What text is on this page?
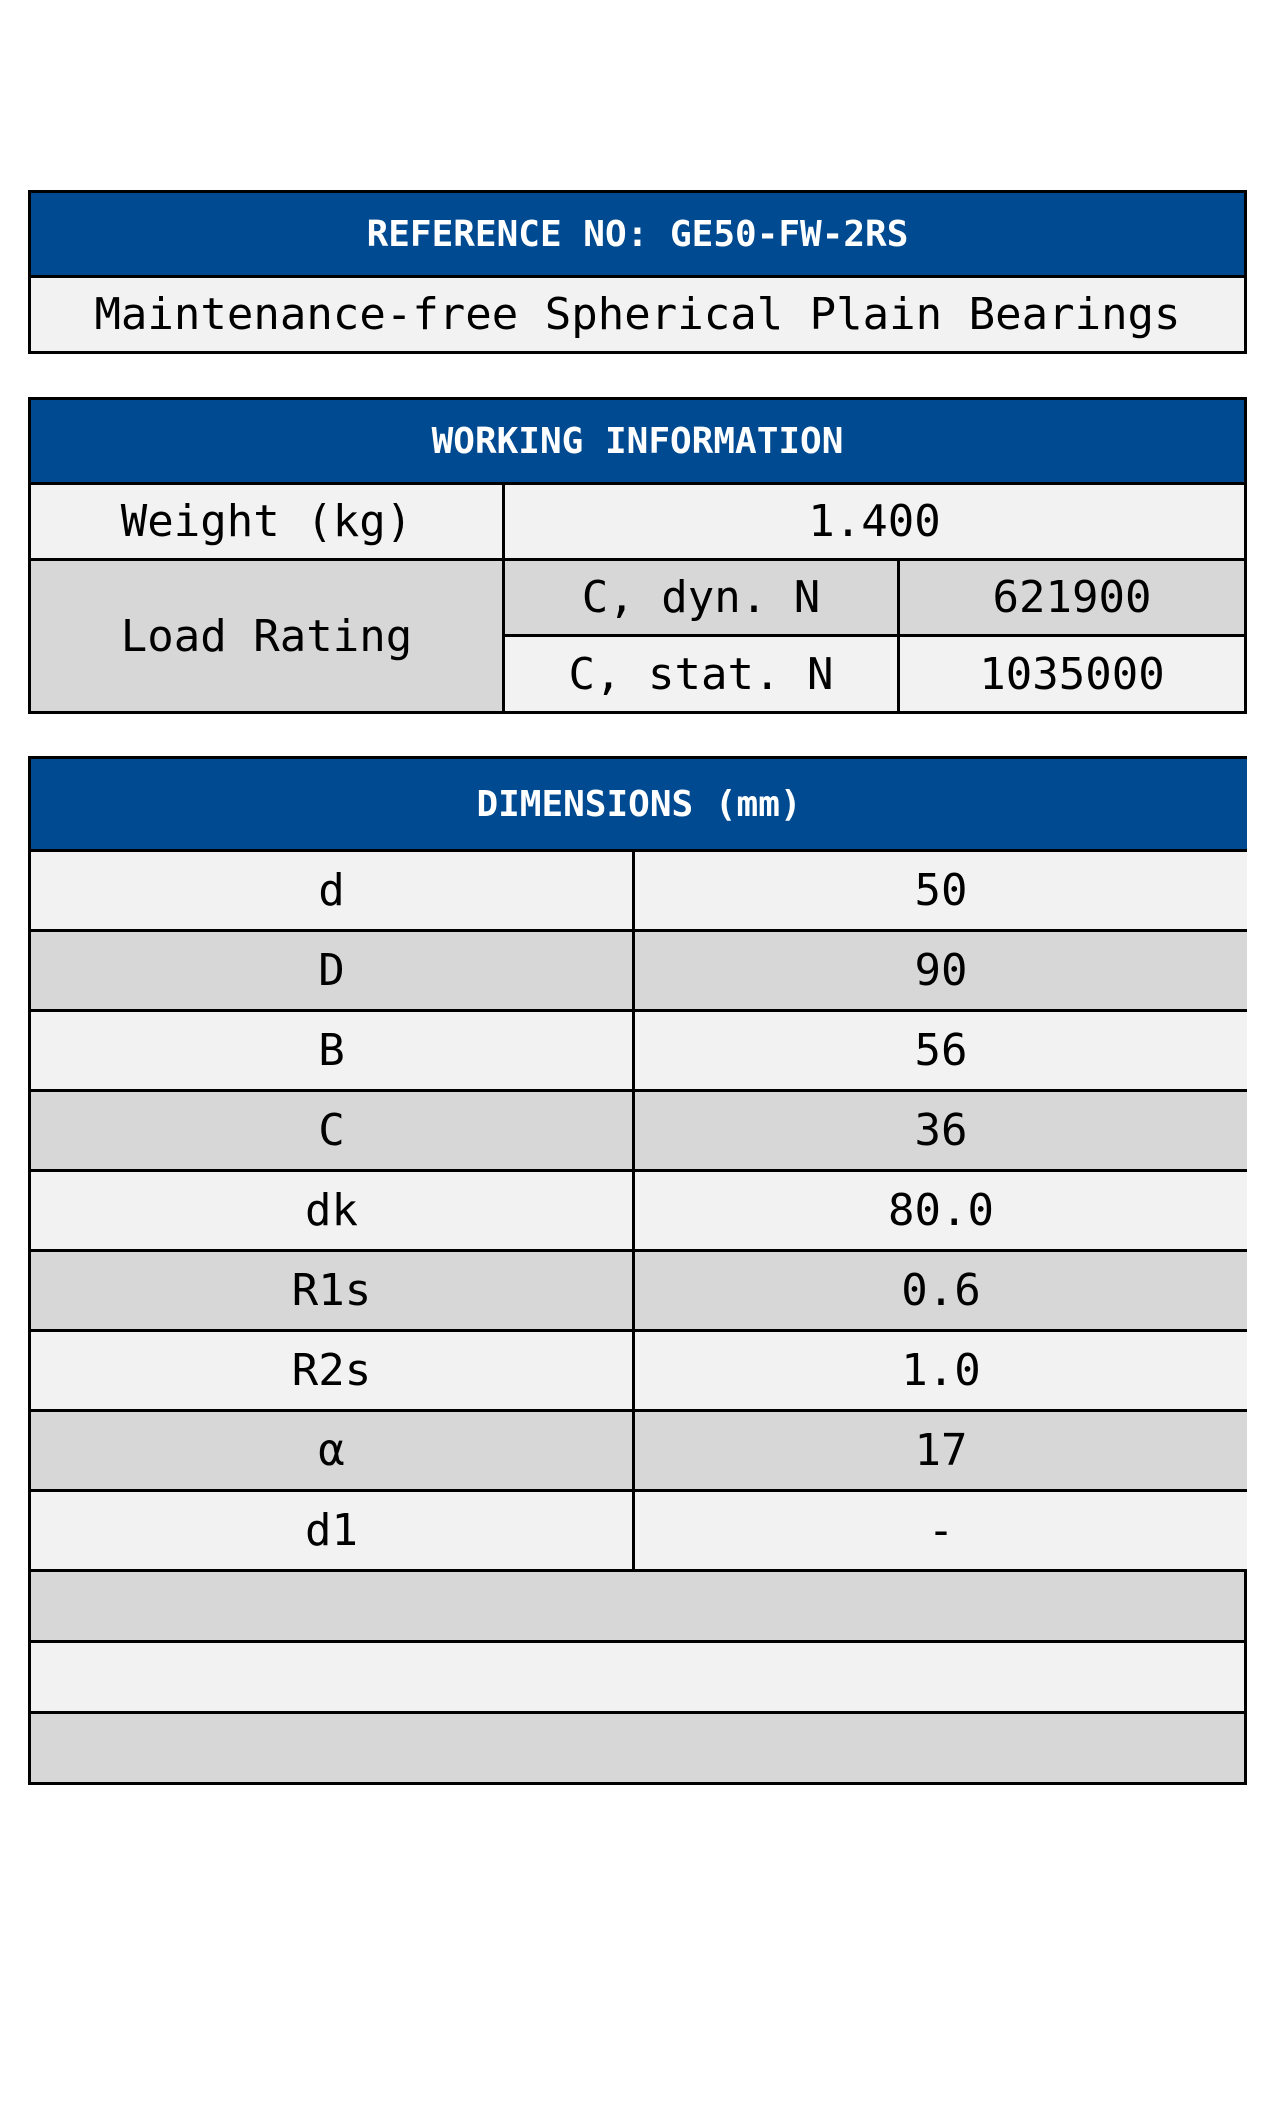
REFERENCE NO: GE50-FW-2RS
Maintenance-free Spherical Plain Bearings
WORKING INFORMATION
Weight (kg)	1.400
Load Rating
C, dyn. N	621900
C, stat. N	1035000
DIMENSIONS (mm)
d	50
D	90
B	56
C	36
dk	80.0
R1s	0.6
R2s	1.0
α	17
d1	-
